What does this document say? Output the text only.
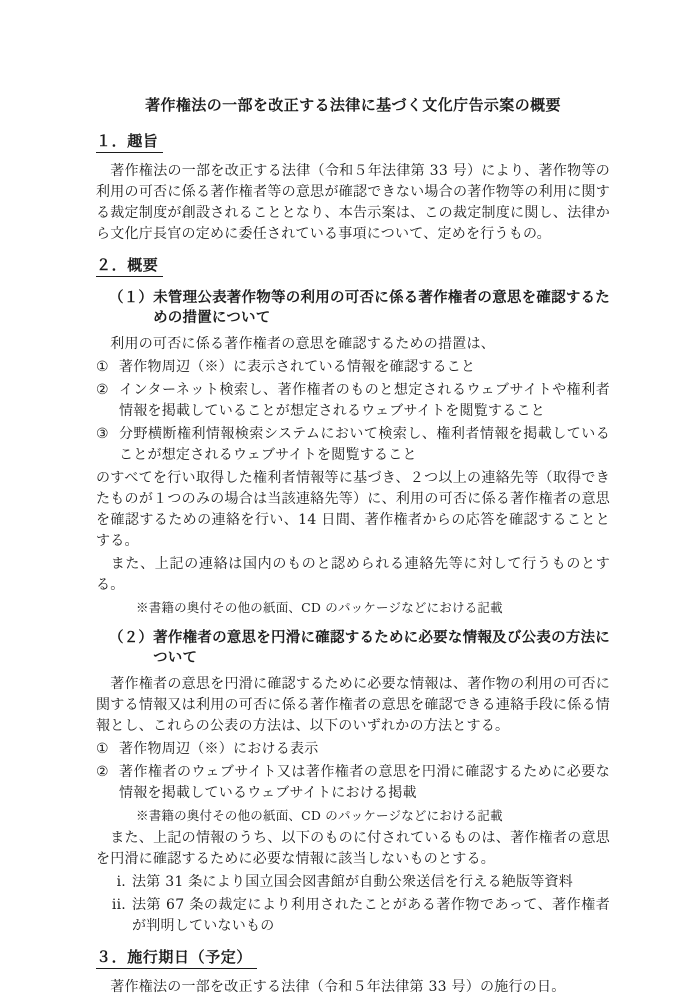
著作権法の一部を改正する法律に基づく文化庁告示案の概要
１．趣旨

　著作権法の一部を改正する法律（令和５年法律第 33 号）により、著作物等の利用の可否に係る著作権者等の意思が確認できない場合の著作物等の利用に関する裁定制度が創設されることとなり、本告示案は、この裁定制度に関し、法律から文化庁長官の定めに委任されている事項について、定めを行うもの。

２．概要
（１） 未管理公表著作物等の利用の可否に係る著作権者の意思を確認するための措置について

　利用の可否に係る著作権者の意思を確認するための措置は、

① 著作物周辺（※）に表示されている情報を確認すること
② インターネット検索し、著作権者のものと想定されるウェブサイトや権利者情報を掲載していることが想定されるウェブサイトを閲覧すること
③ 分野横断権利情報検索システムにおいて検索し、権利者情報を掲載していることが想定されるウェブサイトを閲覧すること

のすべてを行い取得した権利者情報等に基づき、２つ以上の連絡先等（取得できたものが１つのみの場合は当該連絡先等）に、利用の可否に係る著作権者の意思を確認するための連絡を行い、14 日間、著作権者からの応答を確認することとする。

　また、上記の連絡は国内のものと認められる連絡先等に対して行うものとする。

※書籍の奥付その他の紙面、CD のパッケージなどにおける記載
（２） 著作権者の意思を円滑に確認するために必要な情報及び公表の方法について

　著作権者の意思を円滑に確認するために必要な情報は、著作物の利用の可否に関する情報又は利用の可否に係る著作権者の意思を確認できる連絡手段に係る情報とし、これらの公表の方法は、以下のいずれかの方法とする。

① 著作物周辺（※）における表示
② 著作権者のウェブサイト又は著作権者の意思を円滑に確認するために必要な情報を掲載しているウェブサイトにおける掲載
※書籍の奥付その他の紙面、CD のパッケージなどにおける記載

　また、上記の情報のうち、以下のものに付されているものは、著作権者の意思を円滑に確認するために必要な情報に該当しないものとする。

i. 法第 31 条により国立国会図書館が自動公衆送信を行える絶版等資料
ii. 法第 67 条の裁定により利用されたことがある著作物であって、著作権者が判明していないもの
３．施行期日（予定）

　著作権法の一部を改正する法律（令和５年法律第 33 号）の施行の日。
